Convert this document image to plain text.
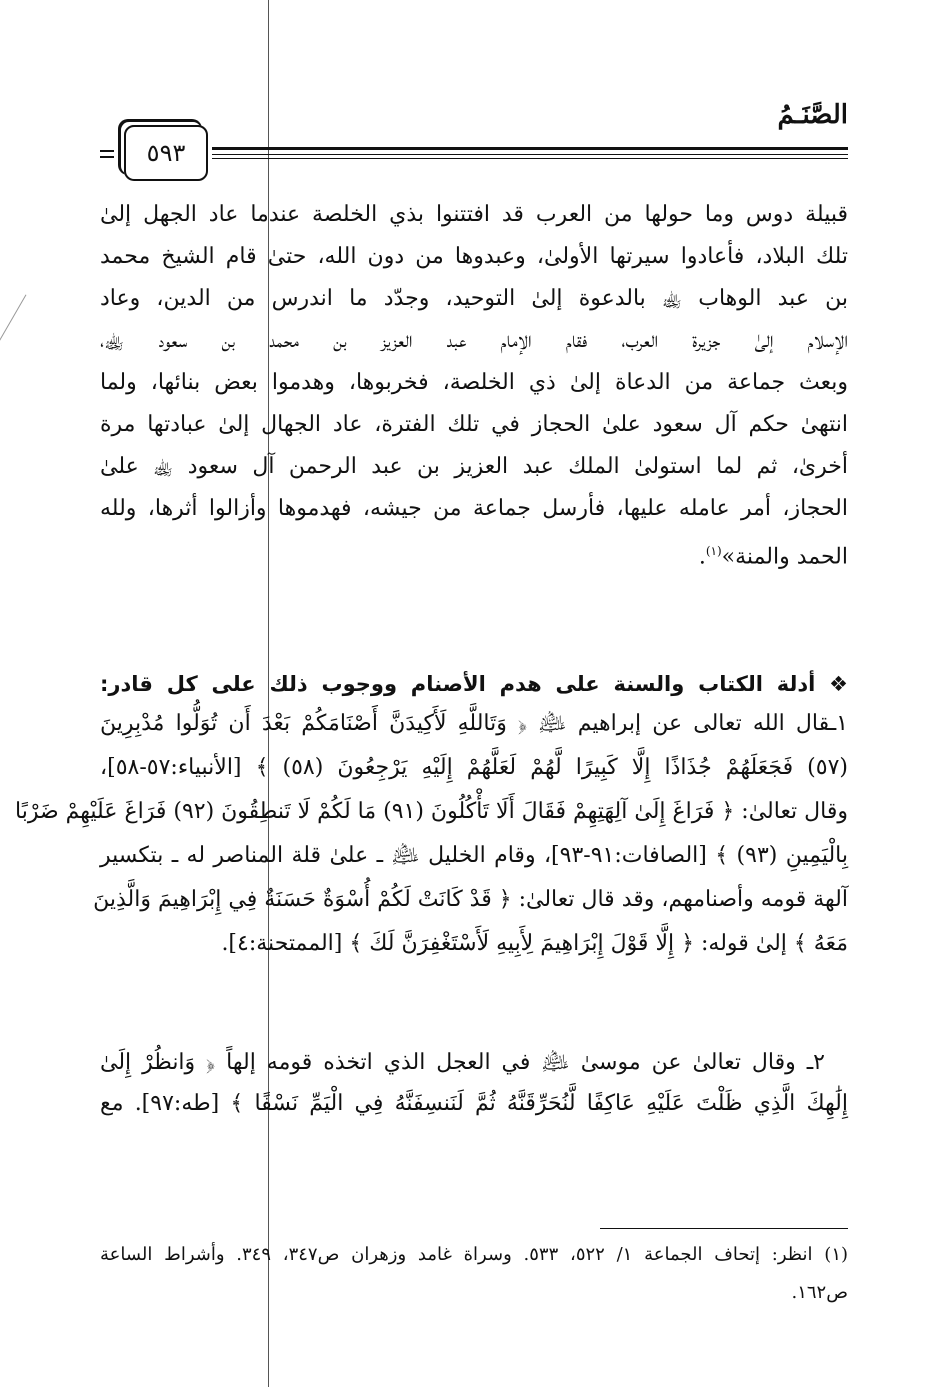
الصَّنَـمُ
٥٩٣
قبيلة دوس وما حولها من العرب قد افتتنوا بذي الخلصة عندما عاد الجهل إلىٰ
تلك البلاد، فأعادوا سيرتها الأولىٰ، وعبدوها من دون الله، حتىٰ قام الشيخ محمد
بن عبد الوهاب ﵀ بالدعوة إلىٰ التوحيد، وجدّد ما اندرس من الدين، وعاد
الإسلام إلىٰ جزيرة العرب، فقام الإمام عبد العزيز بن محمد بن سعود ﵀،
وبعث جماعة من الدعاة إلىٰ ذي الخلصة، فخربوها، وهدموا بعض بنائها، ولما
انتهىٰ حكم آل سعود علىٰ الحجاز في تلك الفترة، عاد الجهال إلىٰ عبادتها مرة
أخرىٰ، ثم لما استولىٰ الملك عبد العزيز بن عبد الرحمن آل سعود ﵀ علىٰ
الحجاز، أمر عامله عليها، فأرسل جماعة من جيشه، فهدموها وأزالوا أثرها، ولله
الحمد والمنة»$^{(١)}$.
❖ أدلة الكتاب والسنة على هدم الأصنام ووجوب ذلك على كل قادر:
١ـقال الله تعالى عن إبراهيم ﵇ ﴿ وَتَاللَّهِ لَأَكِيدَنَّ أَصْنَامَكُمْ بَعْدَ أَن تُوَلُّوا مُدْبِرِينَ
(٥٧) فَجَعَلَهُمْ جُذَاذًا إِلَّا كَبِيرًا لَّهُمْ لَعَلَّهُمْ إِلَيْهِ يَرْجِعُونَ (٥٨) ﴾ [الأنبياء:٥٧-٥٨]،
وقال تعالىٰ: ﴿ فَرَاغَ إِلَىٰ آلِهَتِهِمْ فَقَالَ أَلَا تَأْكُلُونَ (٩١) مَا لَكُمْ لَا تَنطِقُونَ (٩٢) فَرَاغَ عَلَيْهِمْ ضَرْبًا
بِالْيَمِينِ (٩٣) ﴾ [الصافات:٩١-٩٣]، وقام الخليل ﵇ ـ علىٰ قلة المناصر له ـ بتكسير
آلهة قومه وأصنامهم، وقد قال تعالىٰ: ﴿ قَدْ كَانَتْ لَكُمْ أُسْوَةٌ حَسَنَةٌ فِي إِبْرَاهِيمَ وَالَّذِينَ
مَعَهُ ﴾ إلىٰ قوله: ﴿ إِلَّا قَوْلَ إِبْرَاهِيمَ لِأَبِيهِ لَأَسْتَغْفِرَنَّ لَكَ ﴾ [الممتحنة:٤].
٢ـ وقال تعالىٰ عن موسىٰ ﵇ في العجل الذي اتخذه قومه إلهاً ﴿ وَانظُرْ إِلَىٰ
إِلَٰهِكَ الَّذِي ظَلْتَ عَلَيْهِ عَاكِفًا لَّنُحَرِّقَنَّهُ ثُمَّ لَنَنسِفَنَّهُ فِي الْيَمِّ نَسْفًا ﴾ [طه:٩٧]. مع
(١) انظر: إتحاف الجماعة ١/ ٥٢٢، ٥٣٣. وسراة غامد وزهران ص٣٤٧، ٣٤٩. وأشراط الساعة
ص١٦٢.
